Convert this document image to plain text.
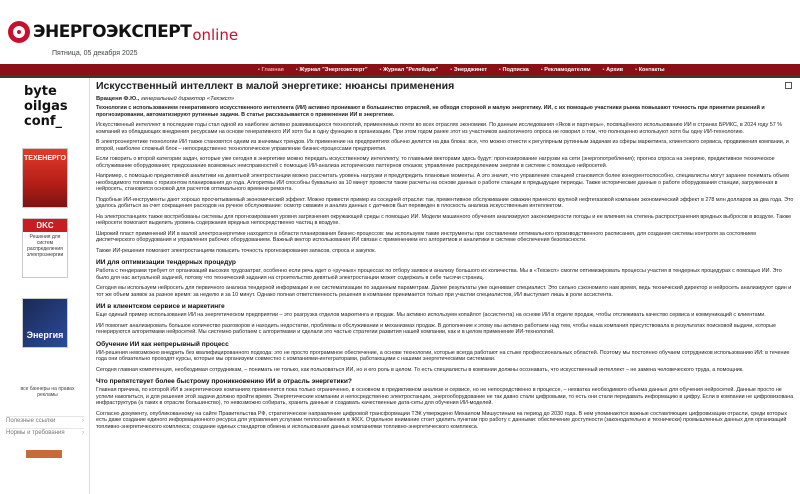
ЭНЕРГОЭКСПЕРТ online
Пятница, 05 декабря 2025
▪ Главная	▪ Журнал "Энергоэксперт"	▪ Журнал "Релейщик"	▪ Энерджинет	▪ Подписка	▪ Рекламодателям	▪ Архив	▪ Контакты
byte
oilgas
conf_
ТЕХЕНЕРГО
DKC
Решения для систем распределения электроэнергии
Энергия
все баннеры на правах рекламы
Полезные ссылки	›
Нормы и требования	›
Искусственный интеллект в малой энергетике: нюансы применения
Вращеня Ф.Ю., генеральный директор «Техэксп»

Технологии с использованием генеративного искусственного интеллекта (ИИ) активно проникают в большинство отраслей, не обходя стороной и малую энергетику. ИИ, с их помощью участники рынка повышают точность при принятии решений и прогнозировании, автоматизируют рутинные задачи. В статье рассказывается о применении ИИ в энергетике.

Искусственный интеллект в последние годы стал одной из наиболее активно развивающихся технологий, применяемых почти во всех отраслях экономики. По данным исследования «Яков и партнеры», посвящённого использованию ИИ в странах БРИКС, в 2024 году 57 % компаний из обладающих внедрения ресурсами на основе генеративного ИИ хотя бы в одну функцию в организации. При этом годом ранее этот из участников аналогичного опроса не говорил о том, что полноценно используют хотя бы одну ИИ-технологию.

В электроэнергетике технологии ИИ также становятся одним из значимых трендов. Их применение на предприятиях обычно делится на два блока: все, что можно отнести к регулярным рутинным задачам из сферы маркетинга, клиентского сервиса, продвижения компании, и второй, наиболее сложный блок – непосредственно технологическое управление бизнес-процессами предприятия.

Если говорить о второй категории задач, которые уже сегодня в энергетике можно передать искусственному интеллекту, то главными векторами здесь будут: прогнозирование нагрузки на сети (энергопотребления); прогноз спроса на энергию, предиктивное техническое обслуживание оборудования; предсказание возможных неисправностей с помощью ИИ-анализа исторических паттернов отказов; управление распределением энергии в системе с помощью нейросетей.

Например, с помощью предиктивной аналитики на девятьюй электростанции можно рассчитать уровень нагрузки и предупредить плановые моменты. А это значит, что управление станцией становится более конкурентоспособно, специалисты могут заранее понимать объем необходимого топлива с горизонтом планирования до года. Алгоритмы ИИ способны буквально за 10 минут провести такие расчеты на основе данных о работе станции в предыдущие периоды. Также исторические данные о работе оборудования станции, загруженная в нейросеть, становится основой для расчетов оптимального времени ремонта.

Подобные ИИ-инструменты дают хорошо просчитываемый экономический эффект. Можно привести пример из соседней отрасли: так, превентивное обслуживание скважин принесло крупной нефтегазовой компании экономический эффект в 278 млн долларов за два года. Это удалось добиться за счет сокращения расходов на ручное обслуживание: осмотр скважин и анализ данных с датчиков был переведен в плоскость анализа искусственным интеллектом.

На электростанциях также востребованы системы для прогнозирования уровня загрязнения окружающей среды с помощью ИИ. Модели машинного обучения анализируют закономерности погоды и ее влияния на степень распространения вредных выбросов в воздухе. Также нейросети помогают выделить уровень содержания вредных непосредственно частиц в воздухе.

Широкий пласт применений ИИ в малой электроэнергетике находится в области планирования бизнес-процессов: мы используем такие инструменты при составлении оптимального производственного расписания, для создания системы контроля за состоянием диспетчерского оборудования и управления рабочих оборудованием. Важный вектор использования ИИ связан с применением его алгоритмов и аналитики в системе обеспечения безопасности.

Также ИИ-решения помогают электростанциям повысить точность прогнозирования запасов, спроса и закупок.

ИИ для оптимизации тендерных процедур

Работа с тендерами требует от организаций высоких трудозатрат, особенно если речь идет о «ручных» процессах по отбору заявок и анализу большого их количества. Мы в «Техэксп» смогли оптимизировать процессы участия в тендерных процедурах с помощью ИИ. Это было для нас актуальной задачей, потому что технический задания на строительство девятьюй электростанции может содержать в себе тысячи страниц.

Сегодня мы используем нейросеть для первичного анализа тендерной информации и ее систематизации по заданным параметрам. Далее результаты уже оценивает специалист. Это сильно сэкономило нам время, ведь технический директор и нейросеть анализируют один и тот же объем заявок за разное время: за неделю и за 10 минут. Однако полная ответственность решения в компании принимается только при участии специалистов, ИИ выступает лишь в роли ассистента.

ИИ в клиентском сервисе и маркетинге

Еще одиный пример использования ИИ на энергетическом предприятии – это разгрузка отделов маркетинга и продаж. Мы активно используем копайлот (ассистента) на основе ИИ в отделе продаж, чтобы отслеживать качество сервиса и коммуникаций с клиентами.

ИИ помогает анализировать большое количество разговоров и находить недостатки, проблемы в обслуживании и механизмах продаж. В дополнение к этому мы активно работаем над тем, чтобы наша компания присутствовала в результатах поисковой выдачи, которые генерируются алгоритмами нейросетей. Мы системно работаем с алгоритмами и сделали это частью стратегии развития нашей компании, как и в целом применение ИИ-технологий.

Обучение ИИ как непрерывный процесс

ИИ-решения невозможно внедрить без квалифицированного подхода: это не просто программное обеспечение, а основе технологии, которые всегда работают на стыке профессиональных областей. Поэтому мы постоянно обучаем сотрудников использованию ИИ: в течение года они обязательно проходят курсы, которые мы организуем совместно с компаниями-интеграторами, работающими с нашими энергетическими системами.

Сегодня главная компетенция, необходимая сотрудникам, – понимать не только, как пользоваться ИИ, но и его роль в целом. То есть специалисты в компании должны осознавать, что искусственный интеллект – не замена человеческого труда, а помощник.

Что препятствует более быстрому проникновению ИИ в отрасль энергетики?

Главная причина, по которой ИИ в энергетических компаниях применяется пока только ограниченно, в основном в предиктивном анализе и сервисе, но не непосредственно в процессе, – нехватка необходимого объема данных для обучения нейросетей. Данные просто не успели накопиться, и для решения этой задачи должно пройти время. Энергетические компании и непосредственно электростанции, энергооборудование не так давно стали цифровыми, то есть они стали передавать информацию в цифру. Если в компании не цифровизована инфраструктура (а таких в отрасли большинство), то невозможно собирать, хранить данные и создавать качественные дата-сеты для обучения ИИ-моделей.

Согласно документу, опубликованному на сайте Правительства РФ, стратегическое направление цифровой трансформации ТЭК утверждено Михаилом Мишустиным на период до 2030 года. В нем упоминаются важные составляющие цифровизации отрасли, среди которых есть даже создание единого информационного ресурса для управления услугами теплоснабжения в ЖКХ. Отдельное внимание стоит уделить пунктам про работу с данными: обеспечение доступности (законодательно и технически) промышленных данных для организаций топливно-энергетического комплекса; создание единых стандартов обмена и использования данных компаниями топливно-энергетического комплекса.
